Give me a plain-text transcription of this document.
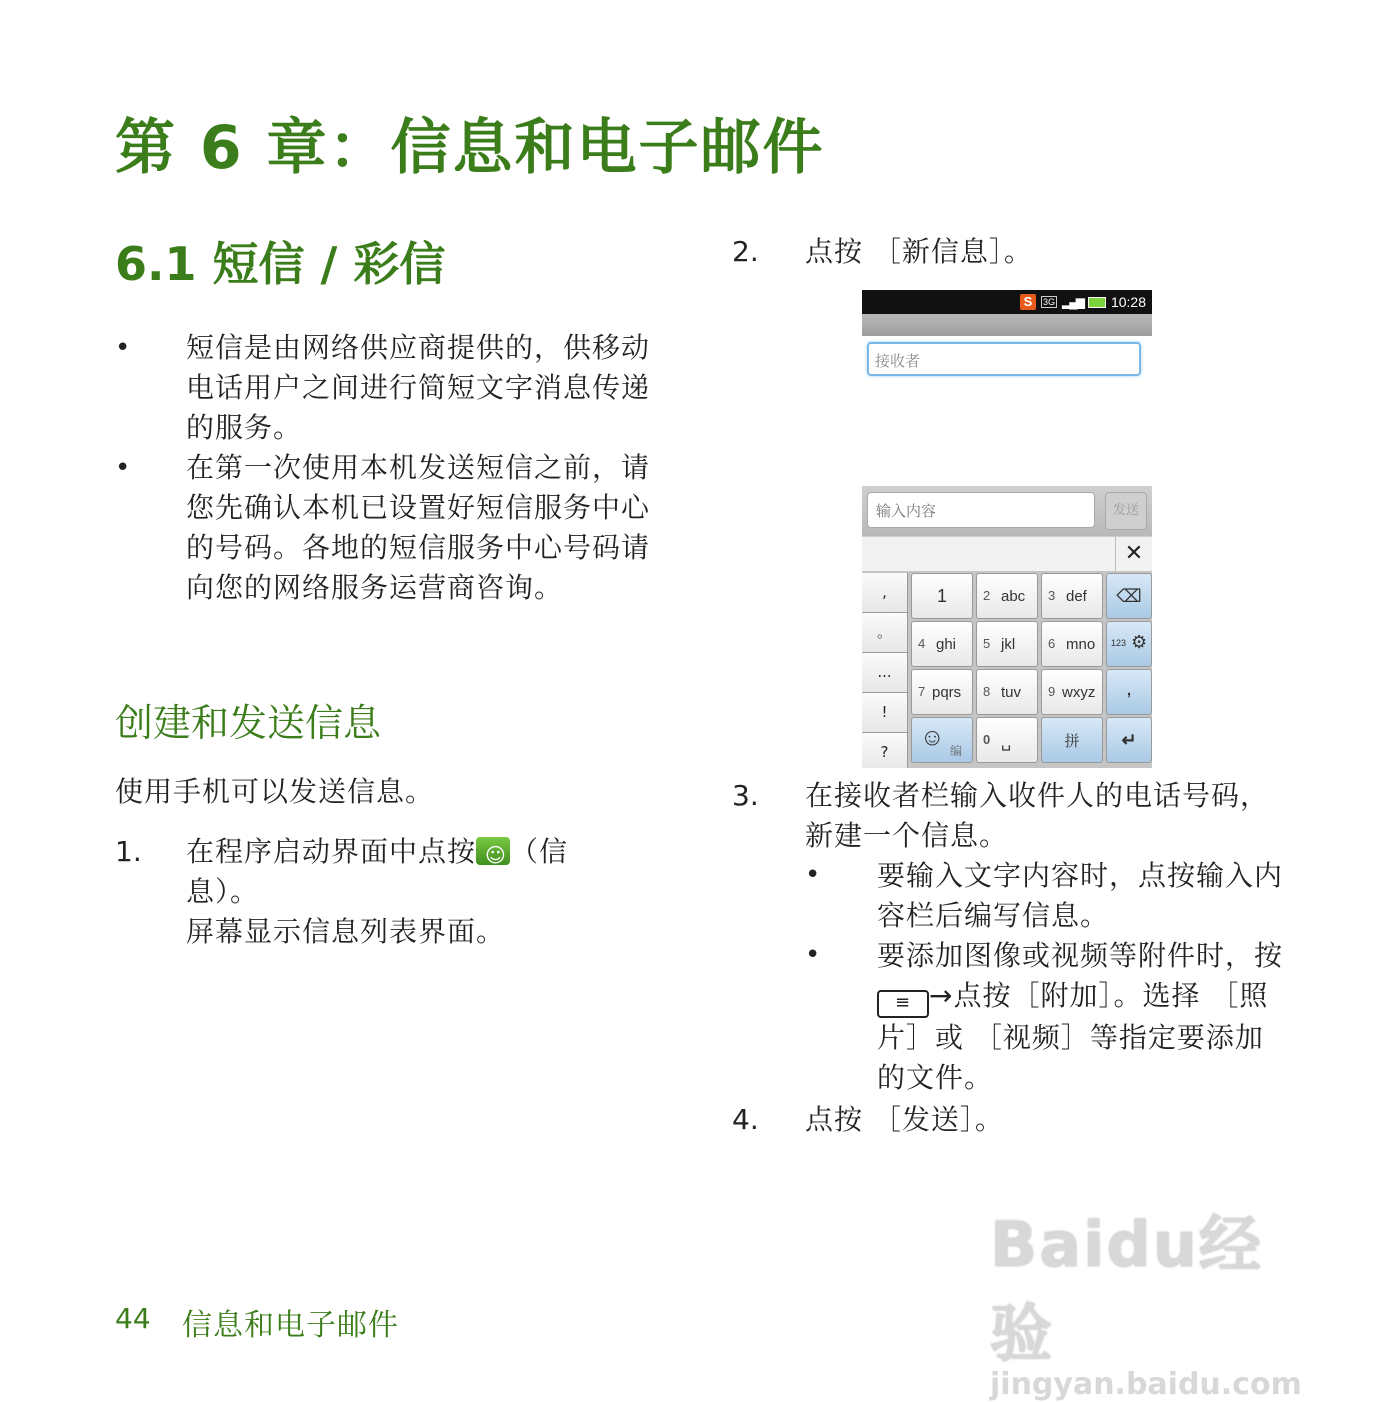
第 6 章：信息和电子邮件
6.1 短信 / 彩信
• 短信是由网络供应商提供的，供移动电话用户之间进行简短文字消息传递的服务。
• 在第一次使用本机发送短信之前，请您先确认本机已设置好短信服务中心的号码。各地的短信服务中心号码请向您的网络服务运营商咨询。
创建和发送信息
使用手机可以发送信息。
1. 在程序启动界面中点按☺ （信息）。
屏幕显示信息列表界面。
2. 点按 ［新信息］。
S	3G ▂▄▆ 10:28
接收者
输入内容	发送
✕
,
。
...
!
?
1	2 abc 3 def	⌫
4 ghi 5 jkl	6 mno 123 ⚙
7 pqrs 8 tuv 9 wxyz	,
☺ 编
0 ␣	拼	↵
3. 在接收者栏输入收件人的电话号码，新建一个信息。
• 要输入文字内容时，点按输入内容栏后编写信息。
• 要添加图像或视频等附件时，按≡ →点按［附加］。选择 ［照片］或 ［视频］等指定要添加的文件。
4. 点按 ［发送］。
44 信息和电子邮件
Baidu经验
jingyan.baidu.com
